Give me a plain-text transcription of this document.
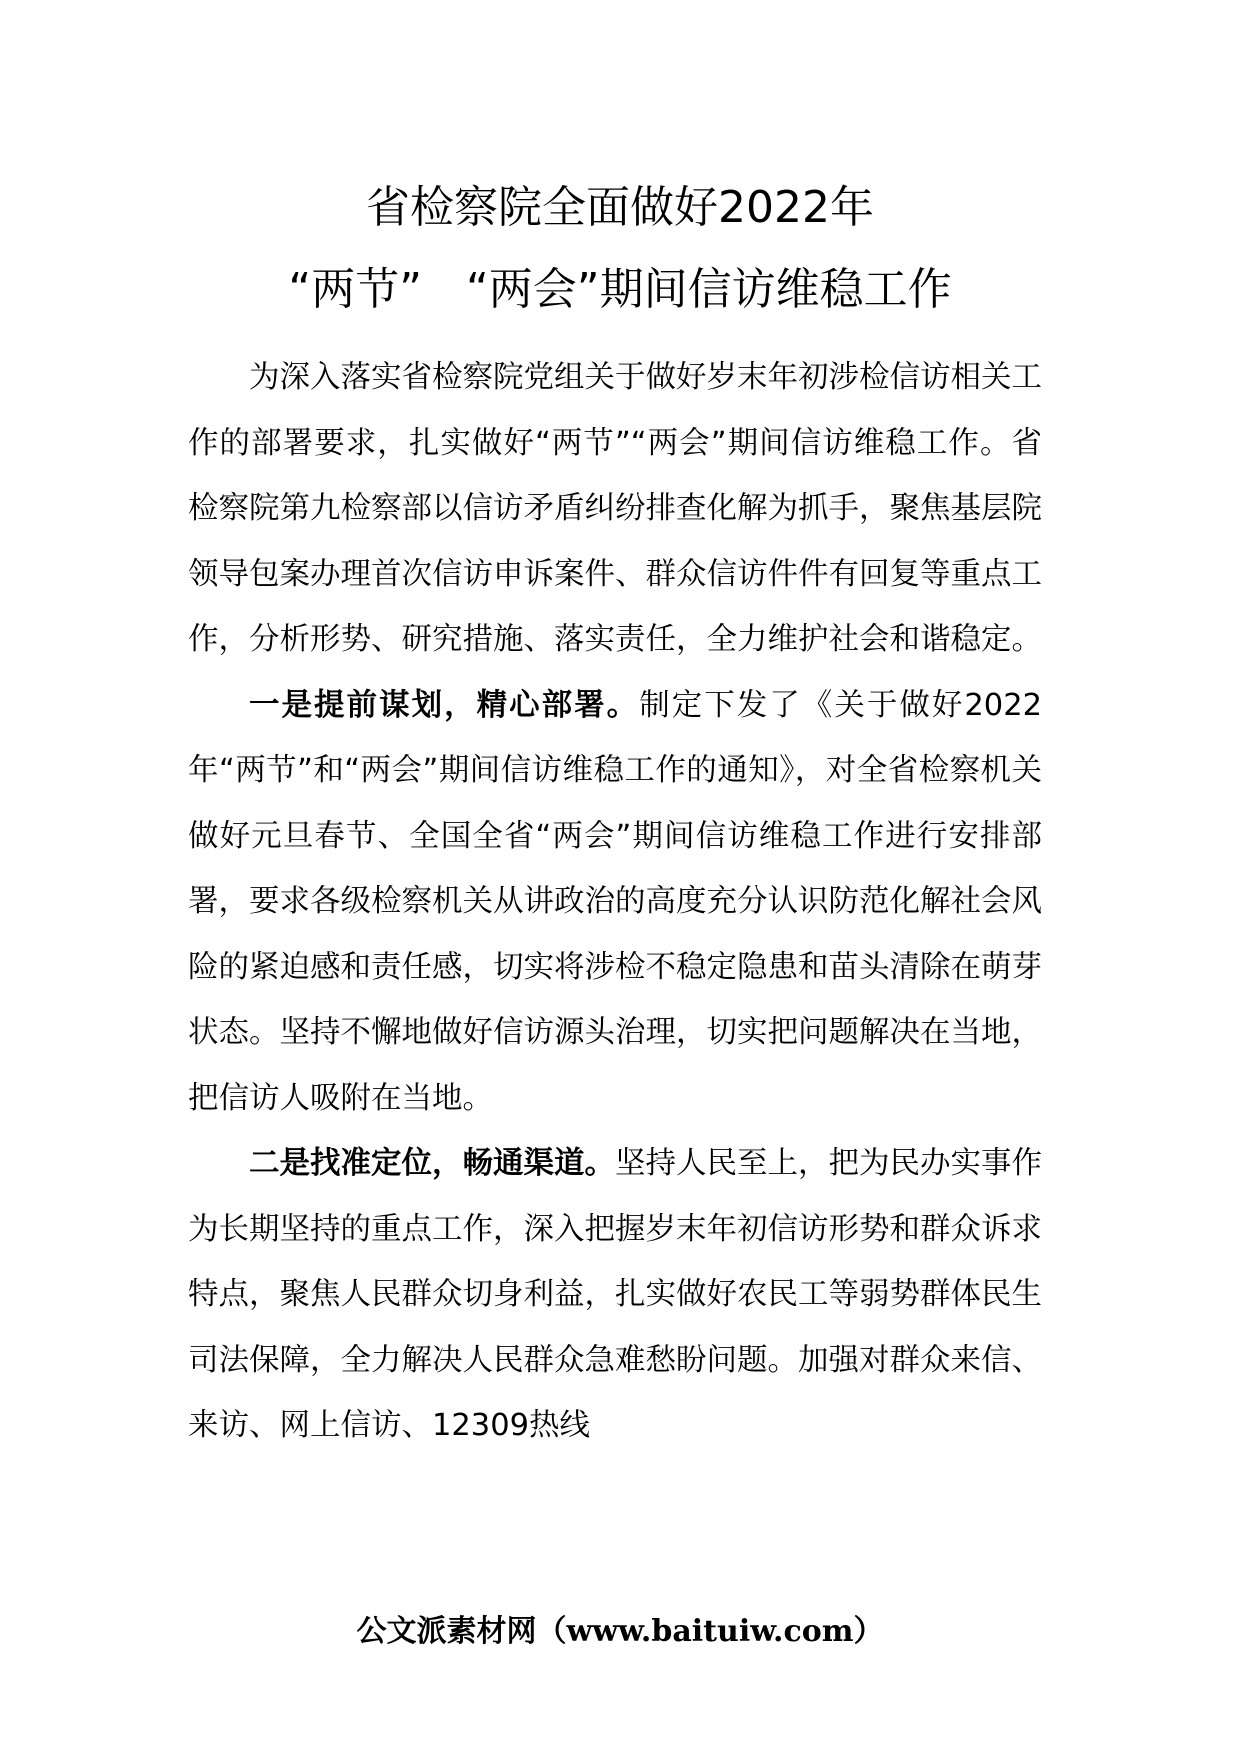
省检察院全面做好2022年
“两节”　“两会”期间信访维稳工作

为深入落实省检察院党组关于做好岁末年初涉检信访相关工作的部署要求，扎实做好“两节”“两会”期间信访维稳工作。省检察院第九检察部以信访矛盾纠纷排查化解为抓手，聚焦基层院领导包案办理首次信访申诉案件、群众信访件件有回复等重点工作，分析形势、研究措施、落实责任，全力维护社会和谐稳定。

一是提前谋划，精心部署。制定下发了《关于做好2022年“两节”和“两会”期间信访维稳工作的通知》，对全省检察机关做好元旦春节、全国全省“两会”期间信访维稳工作进行安排部署，要求各级检察机关从讲政治的高度充分认识防范化解社会风险的紧迫感和责任感，切实将涉检不稳定隐患和苗头清除在萌芽状态。坚持不懈地做好信访源头治理，切实把问题解决在当地，把信访人吸附在当地。

二是找准定位，畅通渠道。坚持人民至上，把为民办实事作为长期坚持的重点工作，深入把握岁末年初信访形势和群众诉求特点，聚焦人民群众切身利益，扎实做好农民工等弱势群体民生司法保障，全力解决人民群众急难愁盼问题。加强对群众来信、来访、网上信访、12309热线

公文派素材网（www.baituiw.com）
